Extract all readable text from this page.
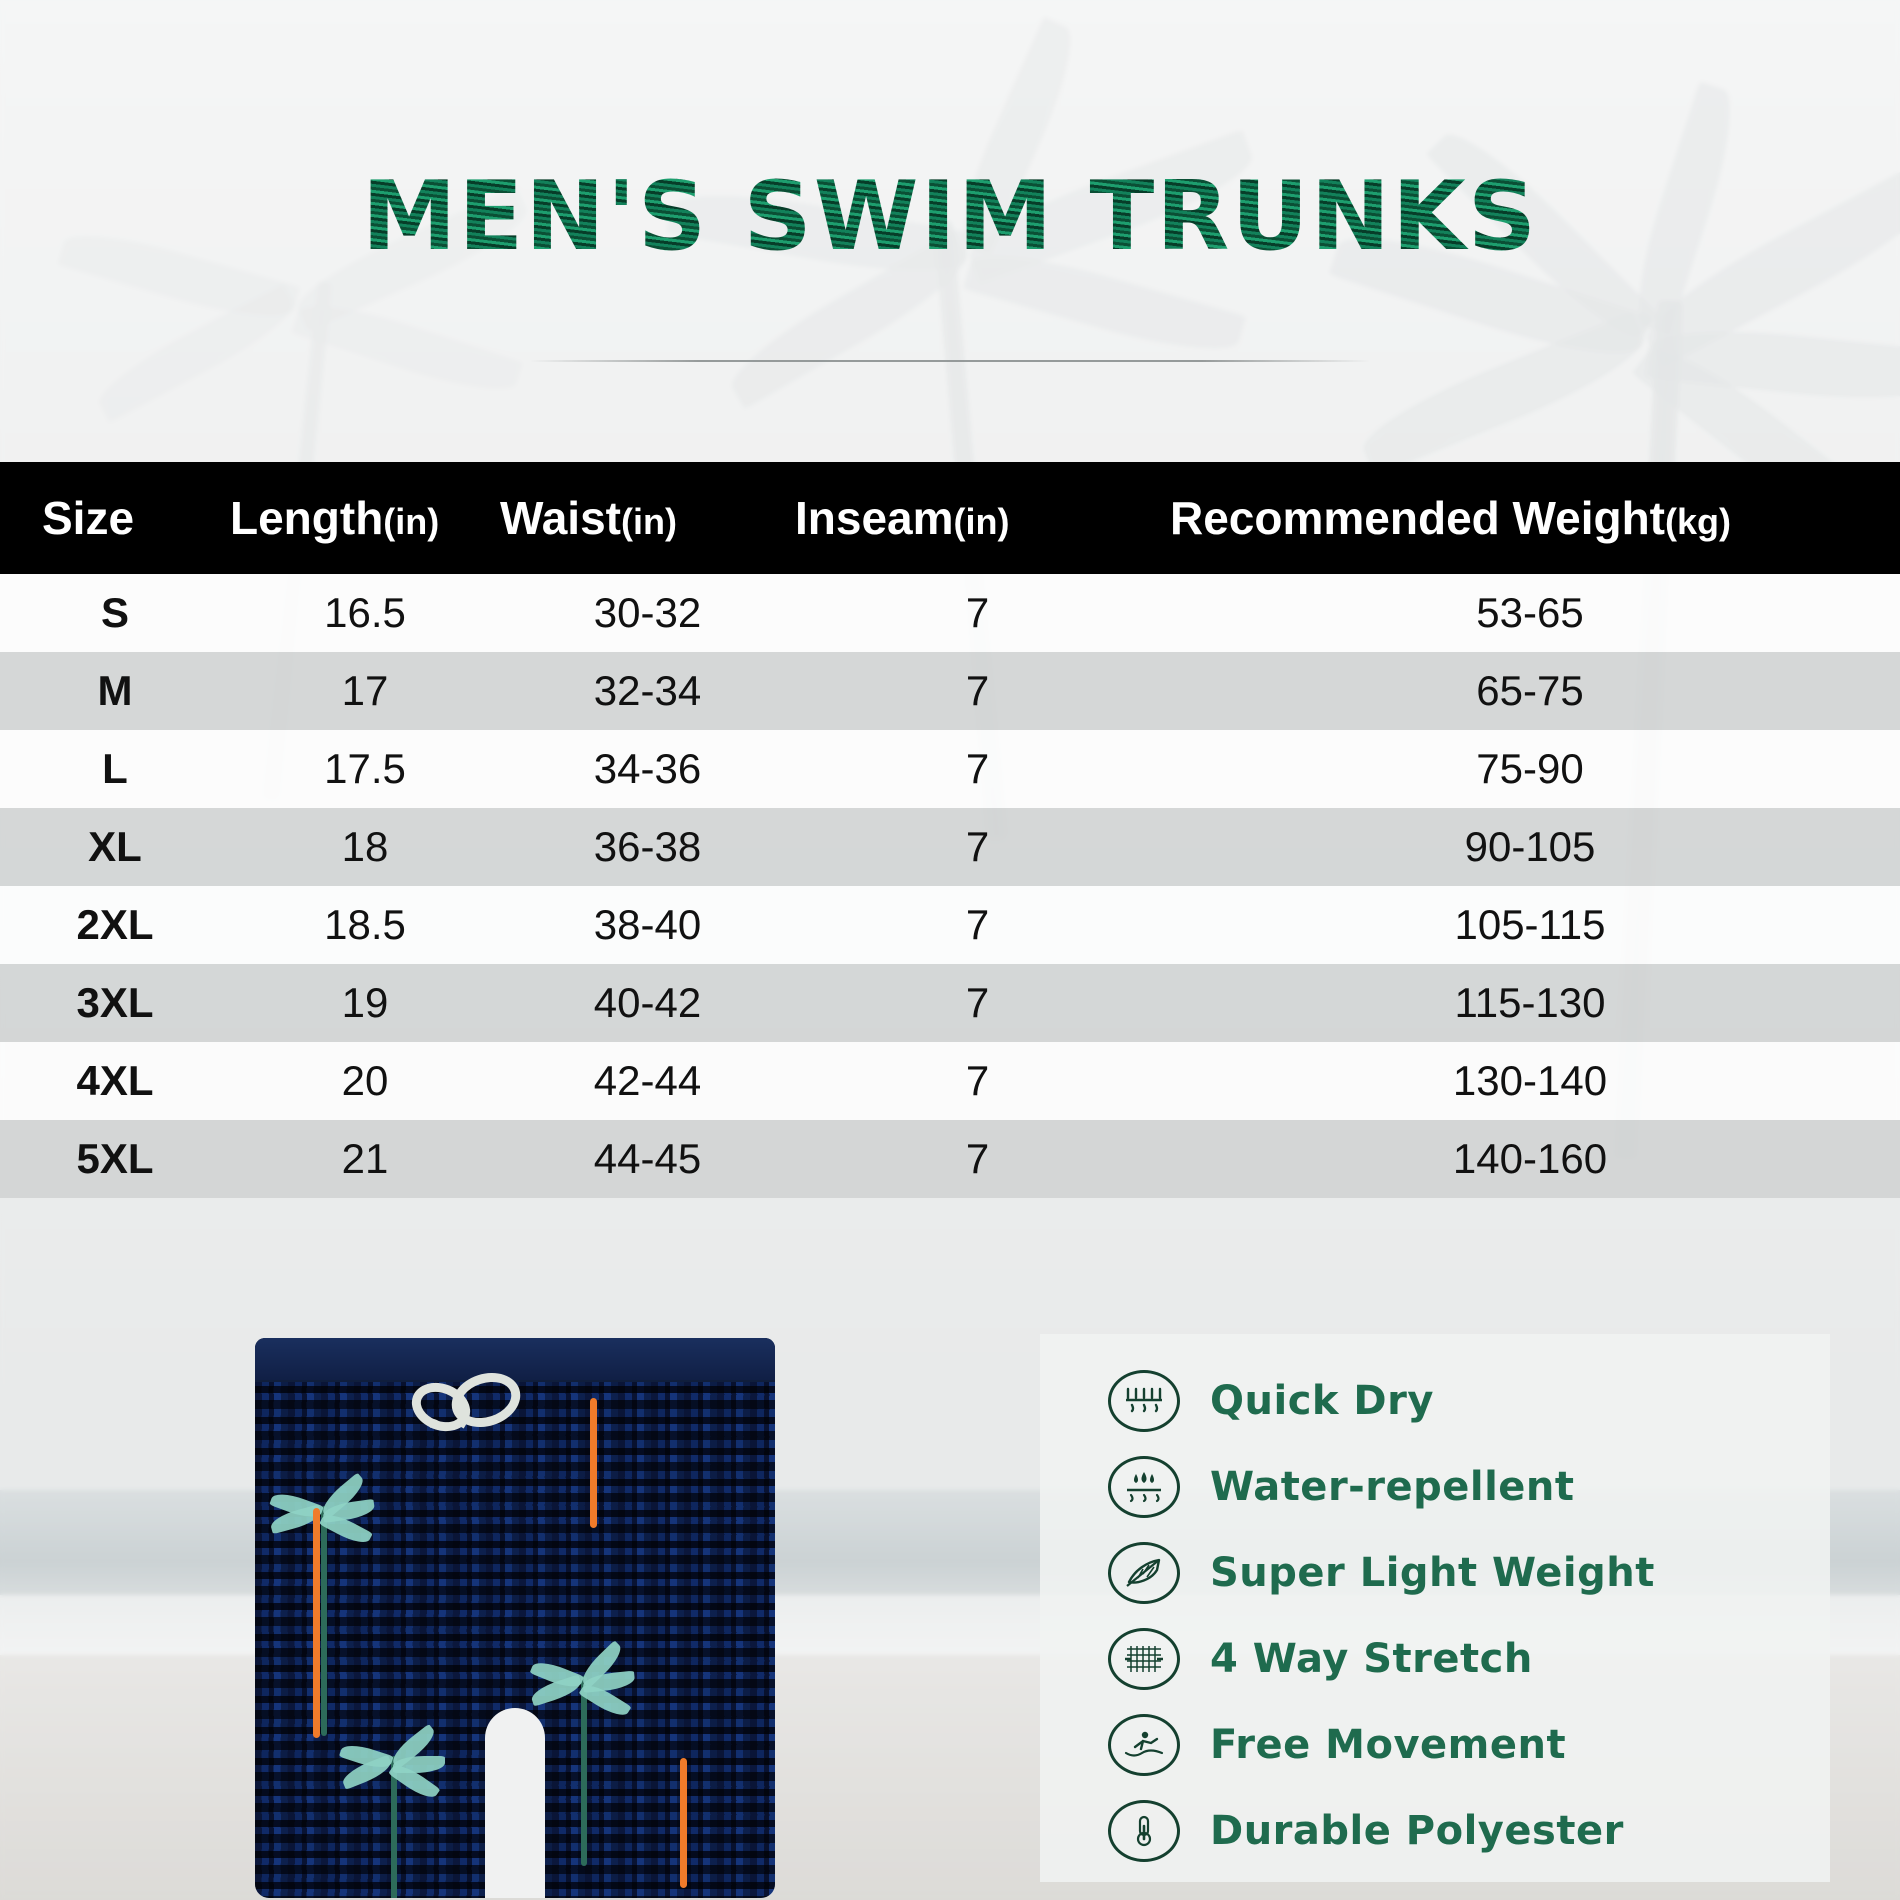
MEN'S SWIM TRUNKS
Size	Length(in)	Waist(in)	Inseam(in)	Recommended Weight(kg)
S	16.5	30-32	7	53-65
M	17	32-34	7	65-75
L	17.5	34-36	7	75-90
XL	18	36-38	7	90-105
2XL	18.5	38-40	7	105-115
3XL	19	40-42	7	115-130
4XL	20	42-44	7	130-140
5XL	21	44-45	7	140-160
Quick Dry
Water-repellent
Super Light Weight
4 Way Stretch
Free Movement
Durable Polyester
